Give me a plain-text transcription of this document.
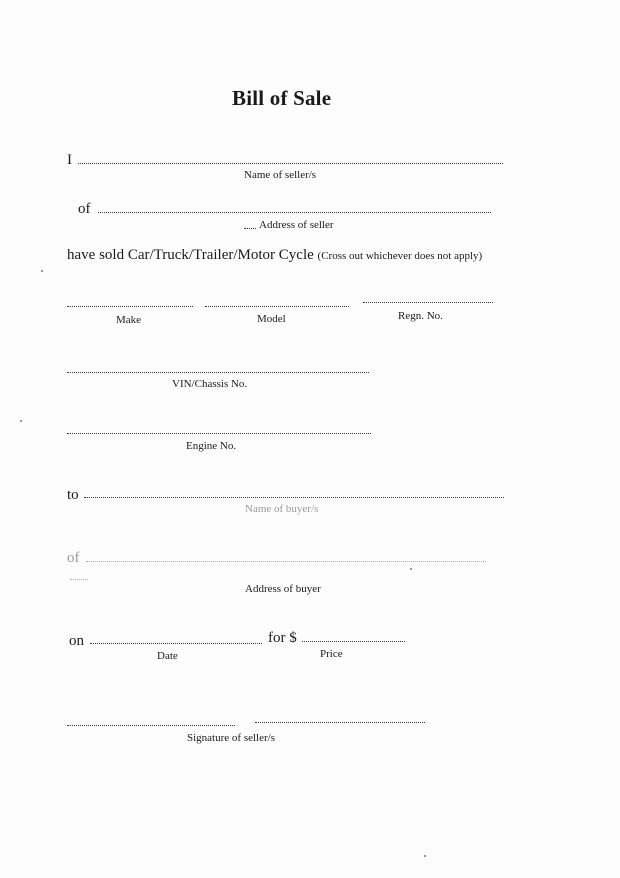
Bill of Sale
I
Name of seller/s
of
Address of seller
have sold Car/Truck/Trailer/Motor Cycle (Cross out whichever does not apply)
Make	Model	Regn. No.
VIN/Chassis No.
Engine No.
to
Name of buyer/s
of
Address of buyer
on	for $
Date	Price
Signature of seller/s
